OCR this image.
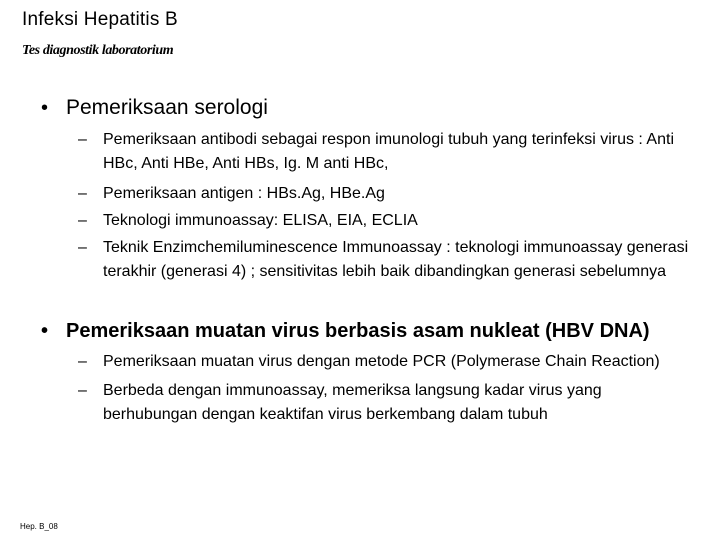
Infeksi Hepatitis B
Tes diagnostik laboratorium
• Pemeriksaan serologi
– Pemeriksaan antibodi sebagai respon imunologi tubuh yang terinfeksi virus : Anti HBc, Anti HBe, Anti HBs, Ig. M anti HBc,
– Pemeriksaan antigen : HBs.Ag, HBe.Ag
– Teknologi immunoassay: ELISA, EIA, ECLIA
– Teknik Enzimchemiluminescence Immunoassay : teknologi immunoassay generasi terakhir (generasi 4) ; sensitivitas lebih baik dibandingkan generasi sebelumnya
• Pemeriksaan muatan virus berbasis asam nukleat (HBV DNA)
– Pemeriksaan muatan virus dengan metode PCR (Polymerase Chain Reaction)
– Berbeda dengan immunoassay, memeriksa langsung kadar virus yang berhubungan dengan keaktifan virus berkembang dalam tubuh
Hep. B_08
